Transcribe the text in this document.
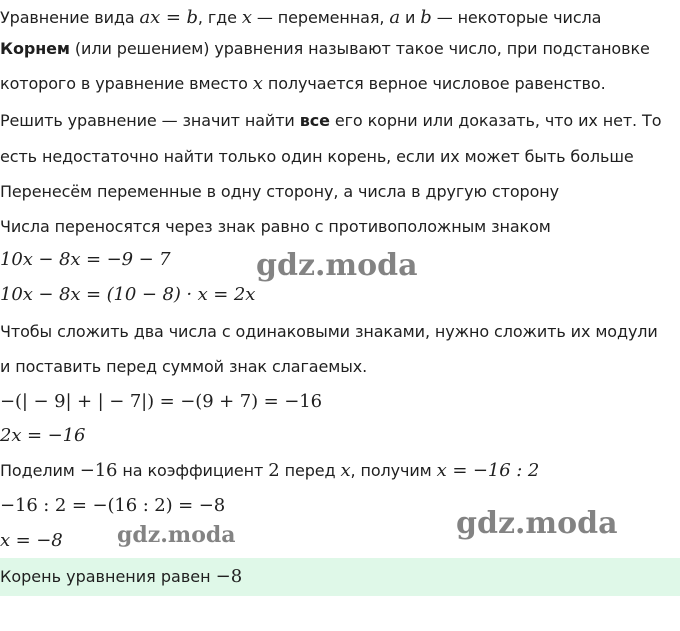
Уравнение вида ax = b, где x — переменная, a и b — некоторые числа
Корнем (или решением) уравнения называют такое число, при подстановке
которого в уравнение вместо x получается верное числовое равенство.
Решить уравнение — значит найти все его корни или доказать, что их нет. То
есть недостаточно найти только один корень, если их может быть больше
Перенесём переменные в одну сторону, а числа в другую сторону
Числа переносятся через знак равно с противоположным знаком
10x − 8x = −9 − 7
10x − 8x = (10 − 8) · x = 2x
Чтобы сложить два числа с одинаковыми знаками, нужно сложить их модули
и поставить перед суммой знак слагаемых.
−(| − 9| + | − 7|) = −(9 + 7) = −16
2x = −16
Поделим −16 на коэффициент 2 перед x, получим x = −16 : 2
−16 : 2 = −(16 : 2) = −8
x = −8
Корень уравнения равен −8
gdz.moda
gdz.moda
gdz.moda
